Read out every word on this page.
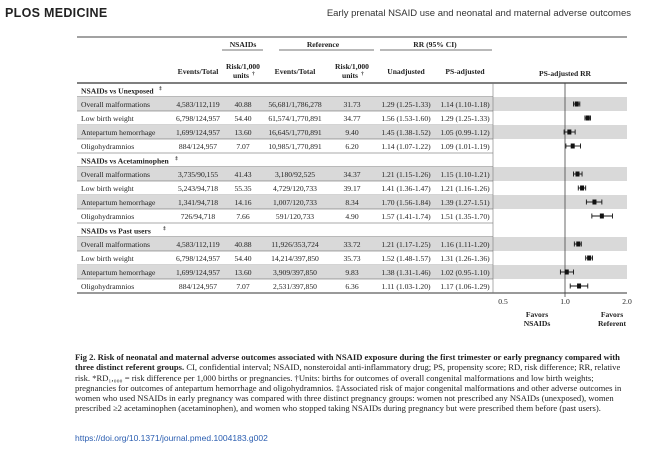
PLOS MEDICINE	Early prenatal NSAID use and neonatal and maternal adverse outcomes
NSAIDs	Reference	RR (95% CI)
PS-adjusted RR
Events/Total
Risk/1,000
units †	Events/Total
Risk/1,000
units †	Unadjusted	PS-adjusted
NSAIDs vs Unexposed ‡
Overall malformations	4,583/112,119 40.88 56,681/1,786,278	31.73	1.29 (1.25-1.33) 1.14 (1.10-1.18)
Low birth weight	6,798/124,957 54.40 61,574/1,770,891	34.77	1.56 (1.53-1.60) 1.29 (1.25-1.33)
Antepartum hemorrhage	1,699/124,957 13.60 16,645/1,770,891	9.40	1.45 (1.38-1.52) 1.05 (0.99-1.12)
Oligohydramnios	884/124,957	7.07 10,985/1,770,891	6.20	1.14 (1.07-1.22) 1.09 (1.01-1.19)
NSAIDs vs Acetaminophen ‡
Overall malformations	3,735/90,155 41.43	3,180/92,525	34.37	1.21 (1.15-1.26) 1.15 (1.10-1.21)
Low birth weight	5,243/94,718 55.35	4,729/120,733	39.17	1.41 (1.36-1.47) 1.21 (1.16-1.26)
Antepartum hemorrhage	1,341/94,718 14.16	1,007/120,733	8.34	1.70 (1.56-1.84) 1.39 (1.27-1.51)
Oligohydramnios	726/94,718	7.66	591/120,733	4.90	1.57 (1.41-1.74) 1.51 (1.35-1.70)
NSAIDs vs Past users ‡
Overall malformations	4,583/112,119 40.88	11,926/353,724	33.72	1.21 (1.17-1.25) 1.16 (1.11-1.20)
Low birth weight	6,798/124,957 54.40	14,214/397,850	35.73	1.52 (1.48-1.57) 1.31 (1.26-1.36)
Antepartum hemorrhage	1,699/124,957 13.60	3,909/397,850	9.83	1.38 (1.31-1.46) 1.02 (0.95-1.10)
Oligohydramnios	884/124,957	7.07	2,531/397,850	6.36	1.11 (1.03-1.20) 1.17 (1.06-1.29)
0.5	1.0	2.0
Favors
NSAIDs
Favors
Referent
Fig 2. Risk of neonatal and maternal adverse outcomes associated with NSAID exposure during the first trimester or early pregnancy compared with three distinct referent groups. CI, confidential interval; NSAID, nonsteroidal anti-inflammatory drug; PS, propensity score; RD, risk difference; RR, relative risk. *RD₁,₀₀₀ = risk difference per 1,000 births or pregnancies. †Units: births for outcomes of overall congenital malformations and low birth weights; pregnancies for outcomes of antepartum hemorrhage and oligohydramnios. ‡Associated risk of major congenital malformations and other adverse outcomes in women who used NSAIDs in early pregnancy was compared with three distinct pregnancy groups: women not prescribed any NSAIDs (unexposed), women prescribed ≥2 acetaminophen (acetaminophen), and women who stopped taking NSAIDs during pregnancy but were prescribed them before (past users).
https://doi.org/10.1371/journal.pmed.1004183.g002
